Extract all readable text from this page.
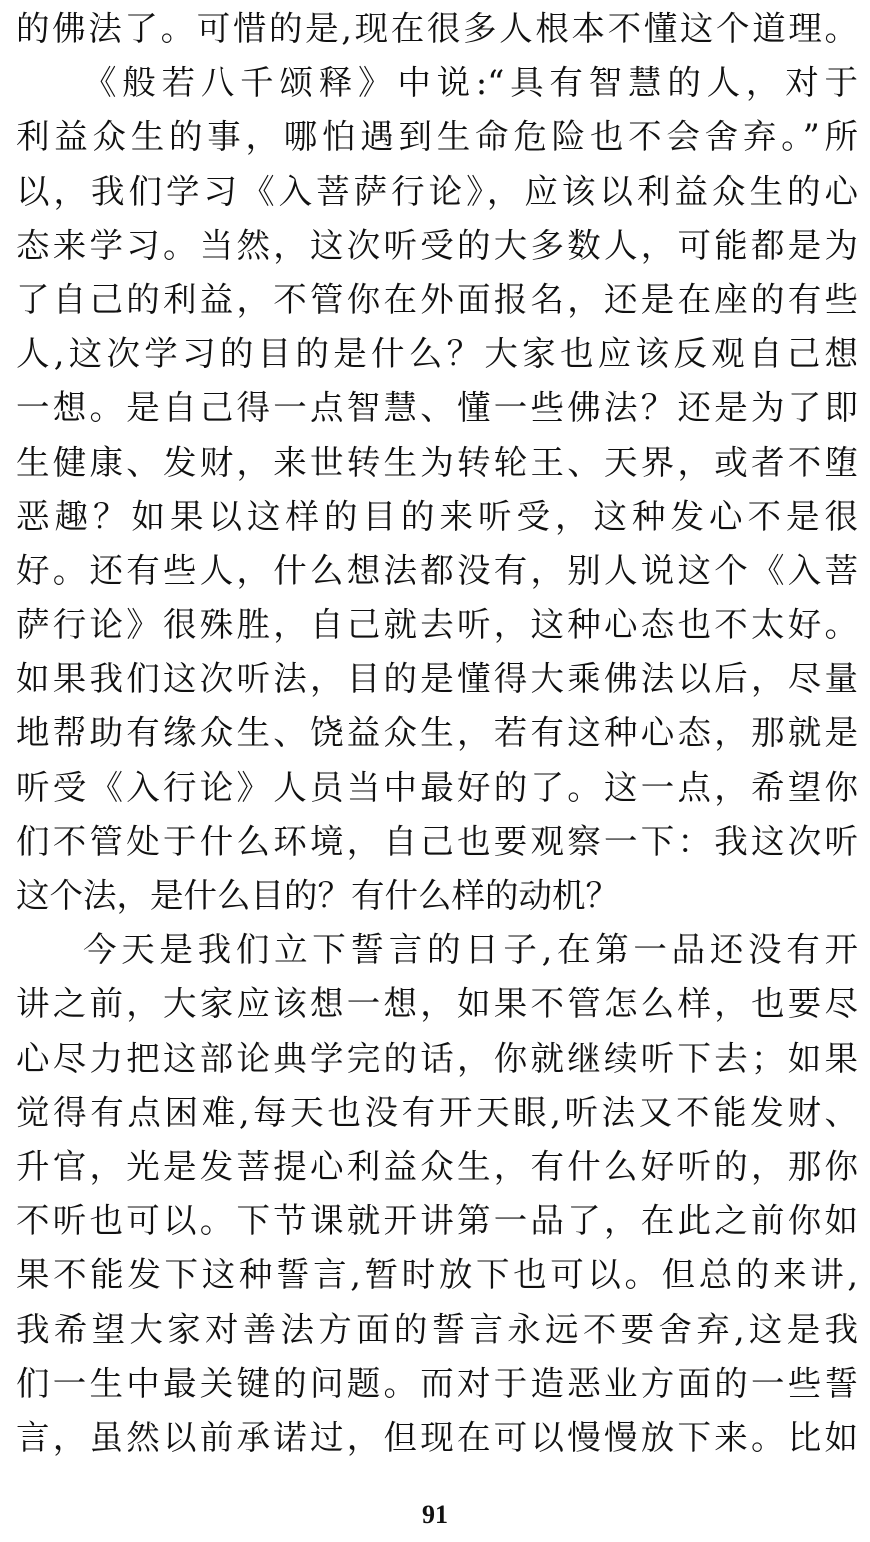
的佛法了。可惜的是,现在很多人根本不懂这个道理。
《般若八千颂释》中说:“具有智慧的人，对于
利益众生的事，哪怕遇到生命危险也不会舍弃。”所
以，我们学习《入菩萨行论》，应该以利益众生的心
态来学习。当然，这次听受的大多数人，可能都是为
了自己的利益，不管你在外面报名，还是在座的有些
人,这次学习的目的是什么？大家也应该反观自己想
一想。是自己得一点智慧、懂一些佛法？还是为了即
生健康、发财，来世转生为转轮王、天界，或者不堕
恶趣？如果以这样的目的来听受，这种发心不是很
好。还有些人，什么想法都没有，别人说这个《入菩
萨行论》很殊胜，自己就去听，这种心态也不太好。
如果我们这次听法，目的是懂得大乘佛法以后，尽量
地帮助有缘众生、饶益众生，若有这种心态，那就是
听受《入行论》人员当中最好的了。这一点，希望你
们不管处于什么环境，自己也要观察一下：我这次听
这个法，是什么目的？有什么样的动机？
今天是我们立下誓言的日子,在第一品还没有开
讲之前，大家应该想一想，如果不管怎么样，也要尽
心尽力把这部论典学完的话，你就继续听下去；如果
觉得有点困难,每天也没有开天眼,听法又不能发财、
升官，光是发菩提心利益众生，有什么好听的，那你
不听也可以。下节课就开讲第一品了，在此之前你如
果不能发下这种誓言,暂时放下也可以。但总的来讲,
我希望大家对善法方面的誓言永远不要舍弃,这是我
们一生中最关键的问题。而对于造恶业方面的一些誓
言，虽然以前承诺过，但现在可以慢慢放下来。比如
91
